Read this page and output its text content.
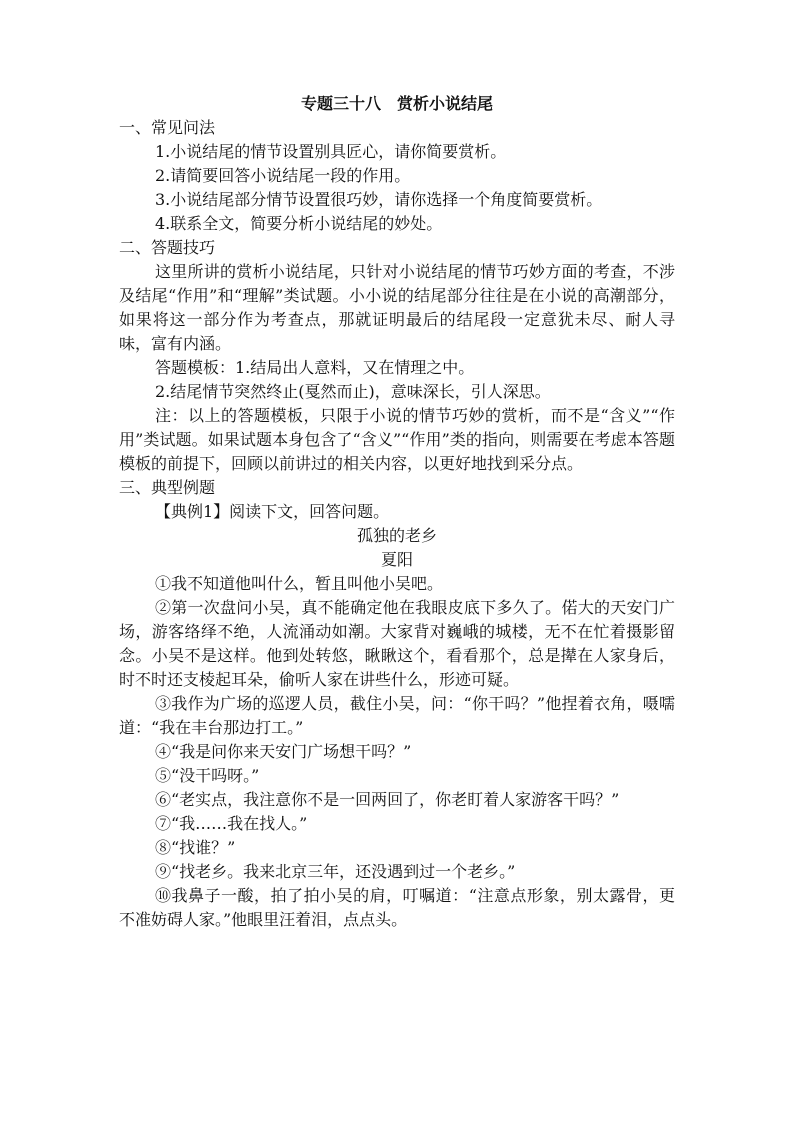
专题三十八　赏析小说结尾

一、常见问法

1.小说结尾的情节设置别具匠心，请你简要赏析。

2.请简要回答小说结尾一段的作用。

3.小说结尾部分情节设置很巧妙，请你选择一个角度简要赏析。

4.联系全文，简要分析小说结尾的妙处。

二、答题技巧

这里所讲的赏析小说结尾，只针对小说结尾的情节巧妙方面的考查，不涉及结尾“作用”和“理解”类试题。小小说的结尾部分往往是在小说的高潮部分，如果将这一部分作为考查点，那就证明最后的结尾段一定意犹未尽、耐人寻味，富有内涵。

答题模板：1.结局出人意料，又在情理之中。

2.结尾情节突然终止(戛然而止)，意味深长，引人深思。

注：以上的答题模板，只限于小说的情节巧妙的赏析，而不是“含义”“作用”类试题。如果试题本身包含了“含义”“作用”类的指向，则需要在考虑本答题模板的前提下，回顾以前讲过的相关内容，以更好地找到采分点。

三、典型例题

【典例1】阅读下文，回答问题。

孤独的老乡

夏阳

①我不知道他叫什么，暂且叫他小吴吧。

②第一次盘问小吴，真不能确定他在我眼皮底下多久了。偌大的天安门广场，游客络绎不绝，人流涌动如潮。大家背对巍峨的城楼，无不在忙着摄影留念。小吴不是这样。他到处转悠，瞅瞅这个，看看那个，总是撵在人家身后，时不时还支棱起耳朵，偷听人家在讲些什么，形迹可疑。

③我作为广场的巡逻人员，截住小吴，问：“你干吗？”他捏着衣角，嗫嚅道：“我在丰台那边打工。”

④“我是问你来天安门广场想干吗？”

⑤“没干吗呀。”

⑥“老实点，我注意你不是一回两回了，你老盯着人家游客干吗？”

⑦“我……我在找人。”

⑧“找谁？”

⑨“找老乡。我来北京三年，还没遇到过一个老乡。”

⑩我鼻子一酸，拍了拍小吴的肩，叮嘱道：“注意点形象，别太露骨，更不准妨碍人家。”他眼里汪着泪，点点头。
